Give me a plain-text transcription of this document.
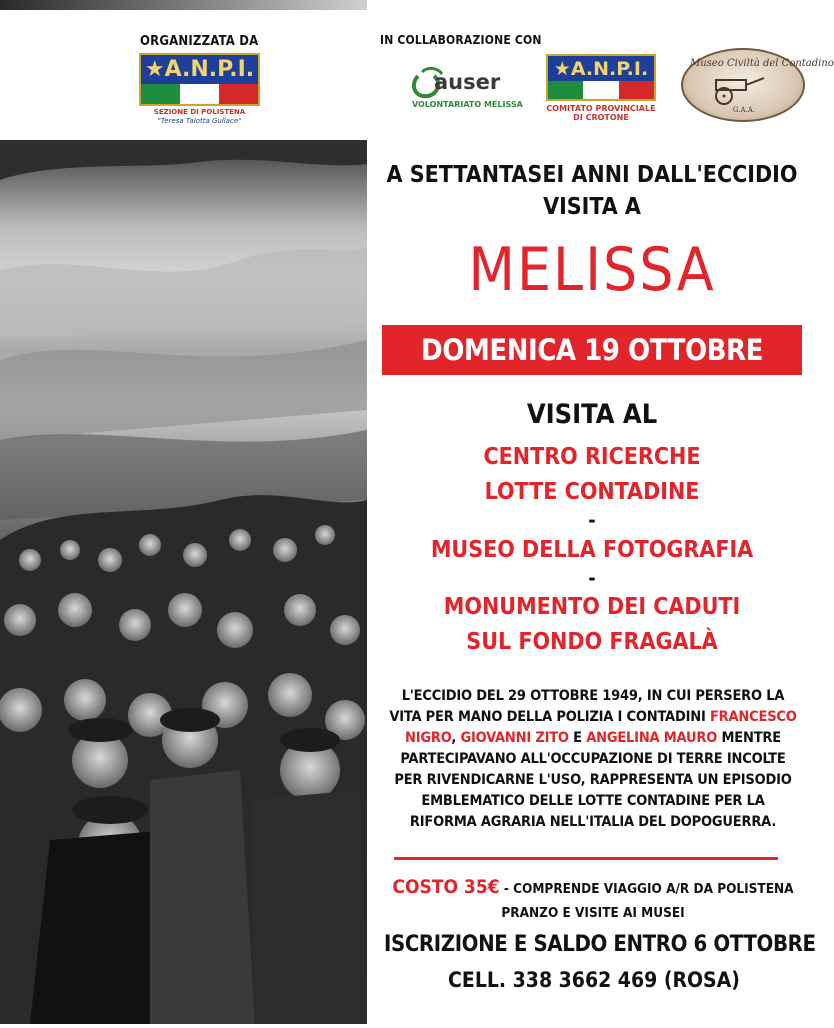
ORGANIZZATA DA	IN COLLABORAZIONE CON
★A.N.P.I.
SEZIONE DI POLISTENA
"Teresa Talotta Gullace"
auser
VOLONTARIATO MELISSA
★A.N.P.I.
COMITATO PROVINCIALE
DI CROTONE
Museo Civiltà del Contadino
G.A.A.
A SETTANTASEI ANNI DALL'ECCIDIO
VISITA A
MELISSA
DOMENICA 19 OTTOBRE 2025
VISITA AL
CENTRO RICERCHE
LOTTE CONTADINE
-
MUSEO DELLA FOTOGRAFIA
-
MONUMENTO DEI CADUTI
SUL FONDO FRAGALÀ
L'ECCIDIO DEL 29 OTTOBRE 1949, IN CUI PERSERO LA VITA PER MANO DELLA POLIZIA I CONTADINI FRANCESCO NIGRO, GIOVANNI ZITO E ANGELINA MAURO MENTRE PARTECIPAVANO ALL'OCCUPAZIONE DI TERRE INCOLTE PER RIVENDICARNE L'USO, RAPPRESENTA UN EPISODIO EMBLEMATICO DELLE LOTTE CONTADINE PER LA RIFORMA AGRARIA NELL'ITALIA DEL DOPOGUERRA.
COSTO 35€ - COMPRENDE VIAGGIO A/R DA POLISTENA
PRANZO E VISITE AI MUSEI
ISCRIZIONE E SALDO ENTRO 6 OTTOBRE
CELL. 338 3662 469 (ROSA)
